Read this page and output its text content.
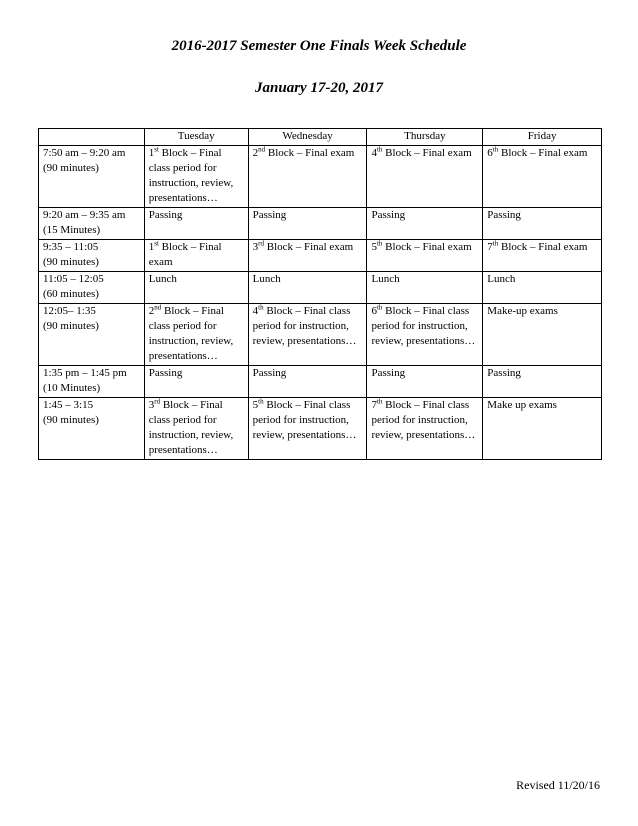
2016-2017 Semester One Finals Week Schedule
January 17-20, 2017
	Tuesday	Wednesday	Thursday	Friday

7:50 am – 9:20 am
(90 minutes)	1st Block – Final class period for instruction, review, presentations…	2nd Block – Final exam	4th Block – Final exam	6th Block – Final exam

9:20 am – 9:35 am
(15 Minutes)	Passing	Passing	Passing	Passing

9:35 – 11:05
(90 minutes)	1st Block – Final exam	3rd Block – Final exam	5th Block – Final exam	7th Block – Final exam

11:05 – 12:05
(60 minutes)	Lunch	Lunch	Lunch	Lunch

12:05– 1:35
(90 minutes)	2nd Block – Final class period for instruction, review, presentations…	4th Block – Final class period for instruction, review, presentations…	6th Block – Final class period for instruction, review, presentations…	Make-up exams

1:35 pm – 1:45 pm
(10 Minutes)	Passing	Passing	Passing	Passing

1:45 – 3:15
(90 minutes)	3rd Block – Final class period for instruction, review, presentations…	5th Block – Final class period for instruction, review, presentations…	7th Block – Final class period for instruction, review, presentations…	Make up exams
Revised 11/20/16
